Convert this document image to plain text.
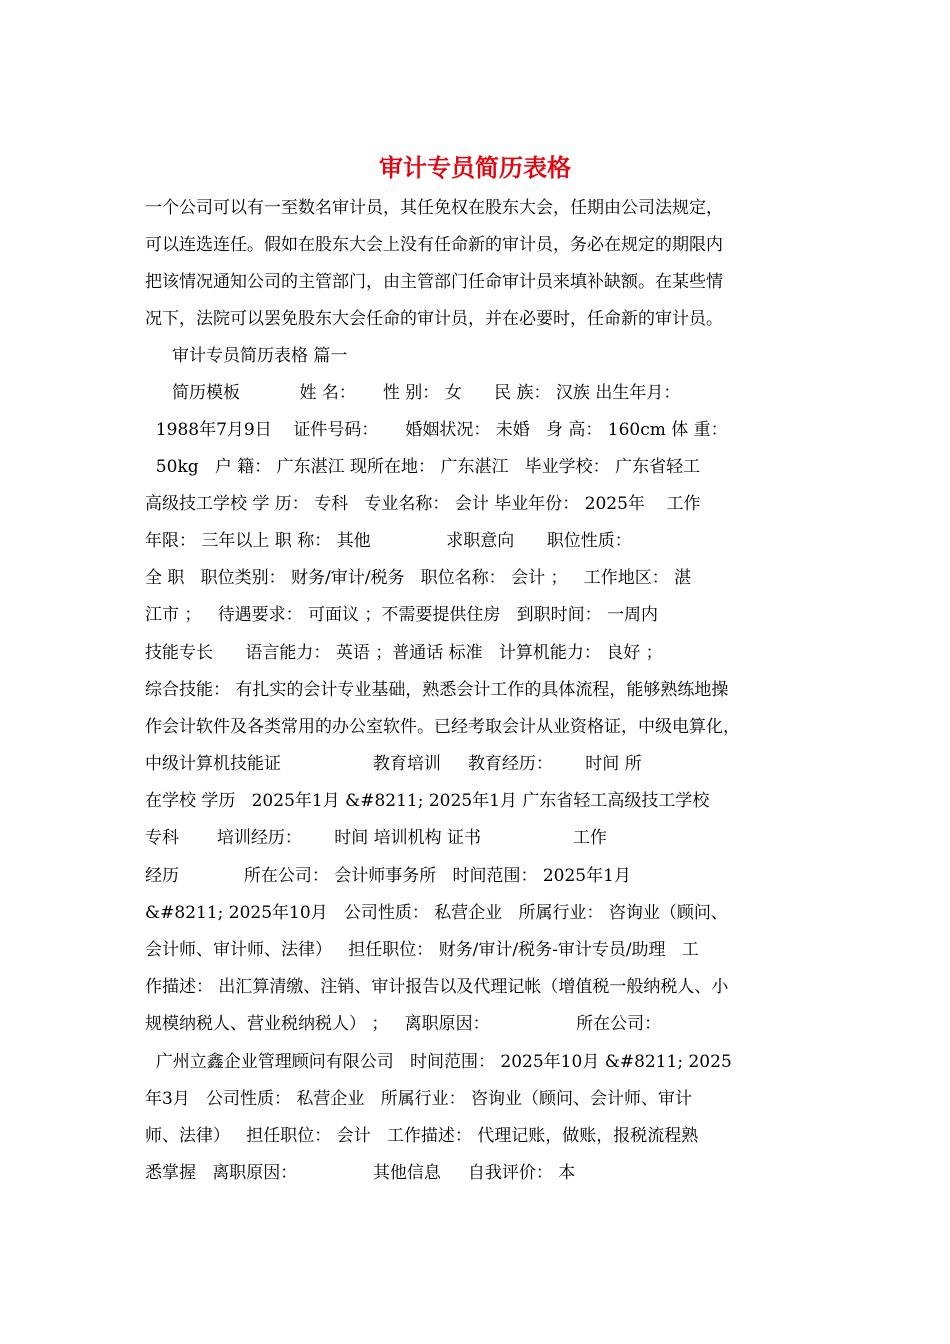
审计专员简历表格
一个公司可以有一至数名审计员，其任免权在股东大会，任期由公司法规定，
可以连选连任。假如在股东大会上没有任命新的审计员，务必在规定的期限内
把该情况通知公司的主管部门，由主管部门任命审计员来填补缺额。在某些情
况下，法院可以罢免股东大会任命的审计员，并在必要时，任命新的审计员。
审计专员简历表格 篇一
简历模板           姓 名：     性 别： 女      民 族： 汉族 出生年月：
1988年7月9日    证件号码：     婚姻状况： 未婚   身 高： 160cm 体 重：
50kg   户 籍： 广东湛江 现所在地： 广东湛江   毕业学校： 广东省轻工
高级技工学校 学 历： 专科   专业名称： 会计 毕业年份： 2025年    工作
年限： 三年以上 职 称： 其他              求职意向      职位性质：
全 职   职位类别： 财务/审计/税务   职位名称： 会计 ；   工作地区： 湛
江市 ；   待遇要求： 可面议 ；不需要提供住房   到职时间： 一周内
技能专长      语言能力： 英语 ；普通话 标准   计算机能力： 良好 ；
综合技能： 有扎实的会计专业基础，熟悉会计工作的具体流程，能够熟练地操
作会计软件及各类常用的办公室软件。已经考取会计从业资格证，中级电算化，
中级计算机技能证                 教育培训     教育经历：      时间 所
在学校 学历   2025年1月 &#8211; 2025年1月 广东省轻工高级技工学校
专科       培训经历：      时间 培训机构 证书                 工作
经历            所在公司： 会计师事务所   时间范围： 2025年1月
&#8211; 2025年10月   公司性质： 私营企业   所属行业： 咨询业（顾问、
会计师、审计师、法律）   担任职位： 财务/审计/税务-审计专员/助理   工
作描述： 出汇算清缴、注销、审计报告以及代理记帐（增值税一般纳税人、小
规模纳税人、营业税纳税人） ；   离职原因：                所在公司：
广州立鑫企业管理顾问有限公司   时间范围： 2025年10月 &#8211; 2025
年3月   公司性质： 私营企业   所属行业： 咨询业（顾问、会计师、审计
师、法律）   担任职位： 会计   工作描述： 代理记账，做账，报税流程熟
悉掌握   离职原因：              其他信息     自我评价： 本
